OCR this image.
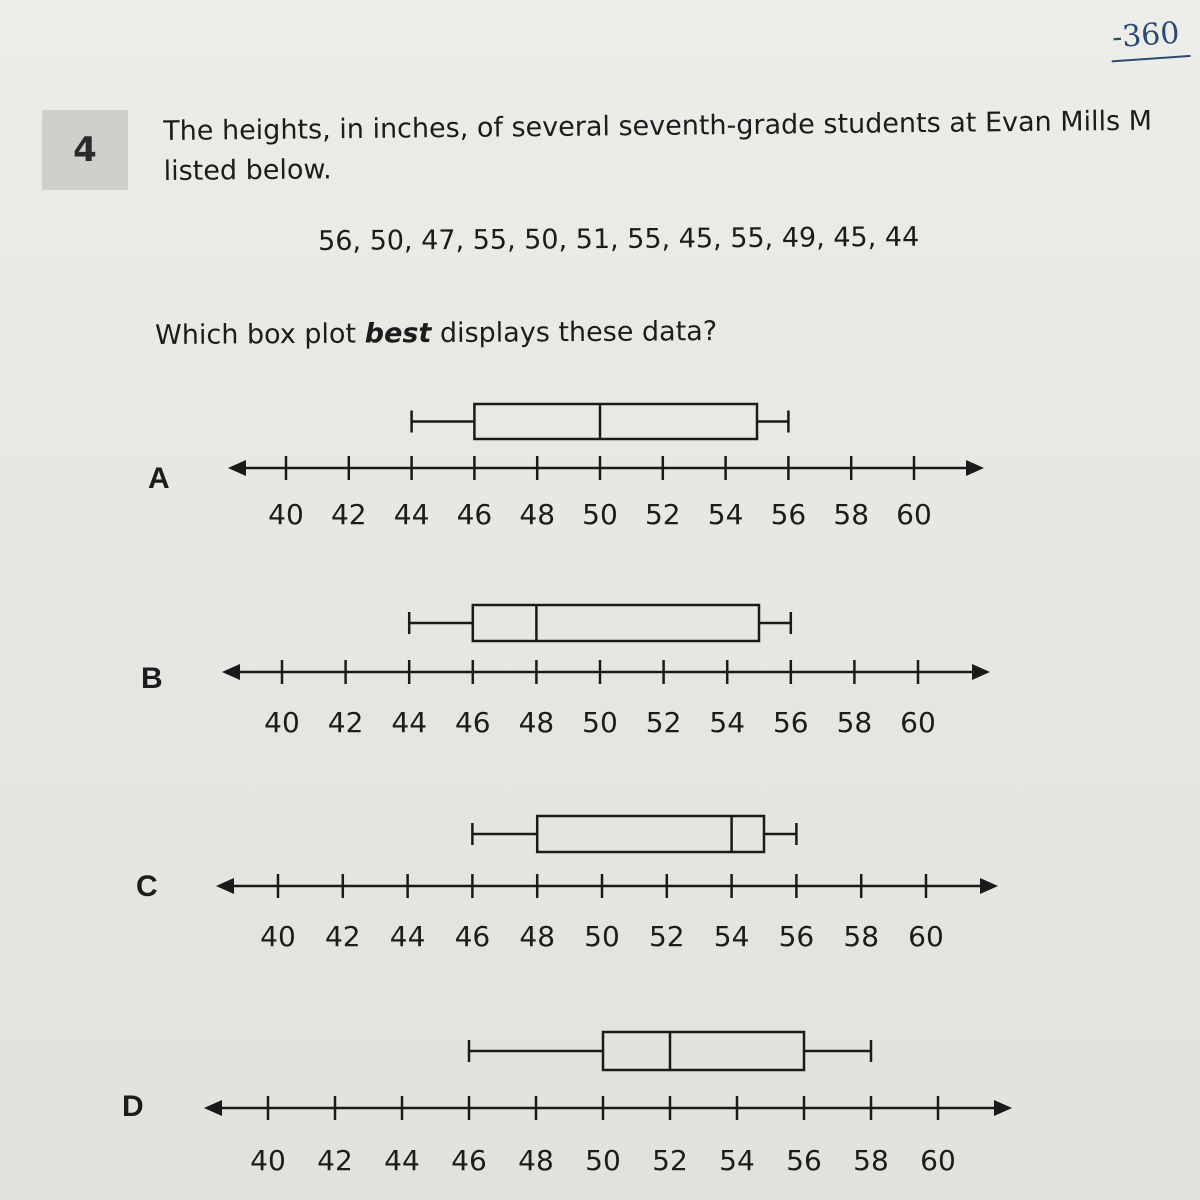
-360
4
The heights, in inches, of several seventh-grade students at Evan Mills M
listed below.
56, 50, 47, 55, 50, 51, 55, 45, 55, 49, 45, 44
Which box plot best displays these data?
A
B
C
D
40 42 44 46 48 50 52 54 56 58 60
40 42 44 46 48 50 52 54 56 58 60
40 42 44 46 48 50 52 54 56 58 60
40 42 44 46 48 50 52 54 56 58 60
